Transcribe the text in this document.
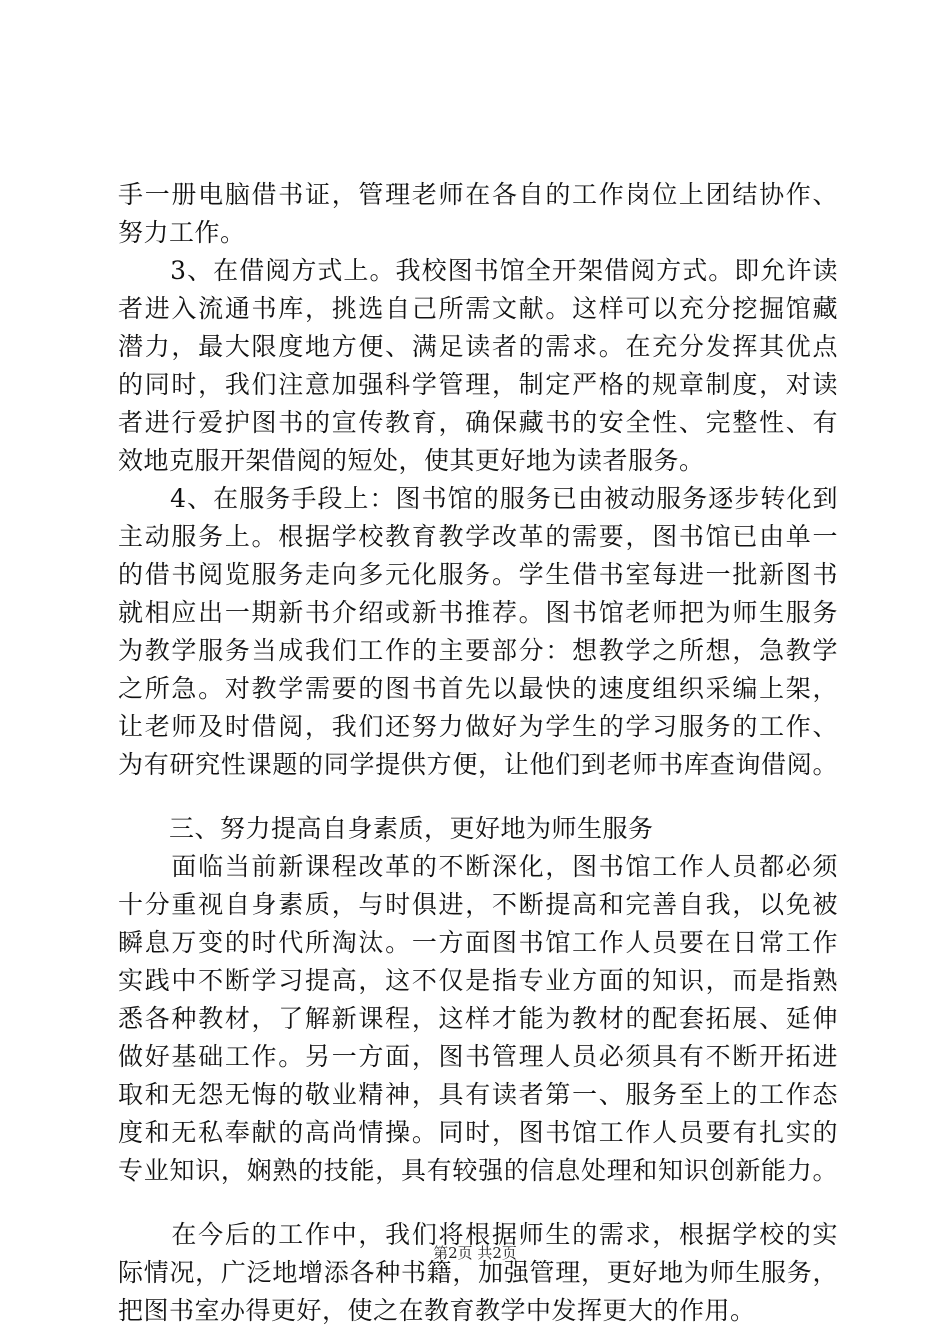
手一册电脑借书证，管理老师在各自的工作岗位上团结协作、
努力工作。
　　3、在借阅方式上。我校图书馆全开架借阅方式。即允许读
者进入流通书库，挑选自己所需文献。这样可以充分挖掘馆藏
潜力，最大限度地方便、满足读者的需求。在充分发挥其优点
的同时，我们注意加强科学管理，制定严格的规章制度，对读
者进行爱护图书的宣传教育，确保藏书的安全性、完整性、有
效地克服开架借阅的短处，使其更好地为读者服务。
　　4、在服务手段上：图书馆的服务已由被动服务逐步转化到
主动服务上。根据学校教育教学改革的需要，图书馆已由单一
的借书阅览服务走向多元化服务。学生借书室每进一批新图书
就相应出一期新书介绍或新书推荐。图书馆老师把为师生服务
为教学服务当成我们工作的主要部分：想教学之所想，急教学
之所急。对教学需要的图书首先以最快的速度组织采编上架，
让老师及时借阅，我们还努力做好为学生的学习服务的工作、
为有研究性课题的同学提供方便，让他们到老师书库查询借阅。
　　三、努力提高自身素质，更好地为师生服务
　　面临当前新课程改革的不断深化，图书馆工作人员都必须
十分重视自身素质，与时俱进，不断提高和完善自我，以免被
瞬息万变的时代所淘汰。一方面图书馆工作人员要在日常工作
实践中不断学习提高，这不仅是指专业方面的知识，而是指熟
悉各种教材，了解新课程，这样才能为教材的配套拓展、延伸
做好基础工作。另一方面，图书管理人员必须具有不断开拓进
取和无怨无悔的敬业精神，具有读者第一、服务至上的工作态
度和无私奉献的高尚情操。同时，图书馆工作人员要有扎实的
专业知识，娴熟的技能，具有较强的信息处理和知识创新能力。
　　在今后的工作中，我们将根据师生的需求，根据学校的实
际情况，广泛地增添各种书籍，加强管理，更好地为师生服务，
把图书室办得更好，使之在教育教学中发挥更大的作用。
第2页 共2页
